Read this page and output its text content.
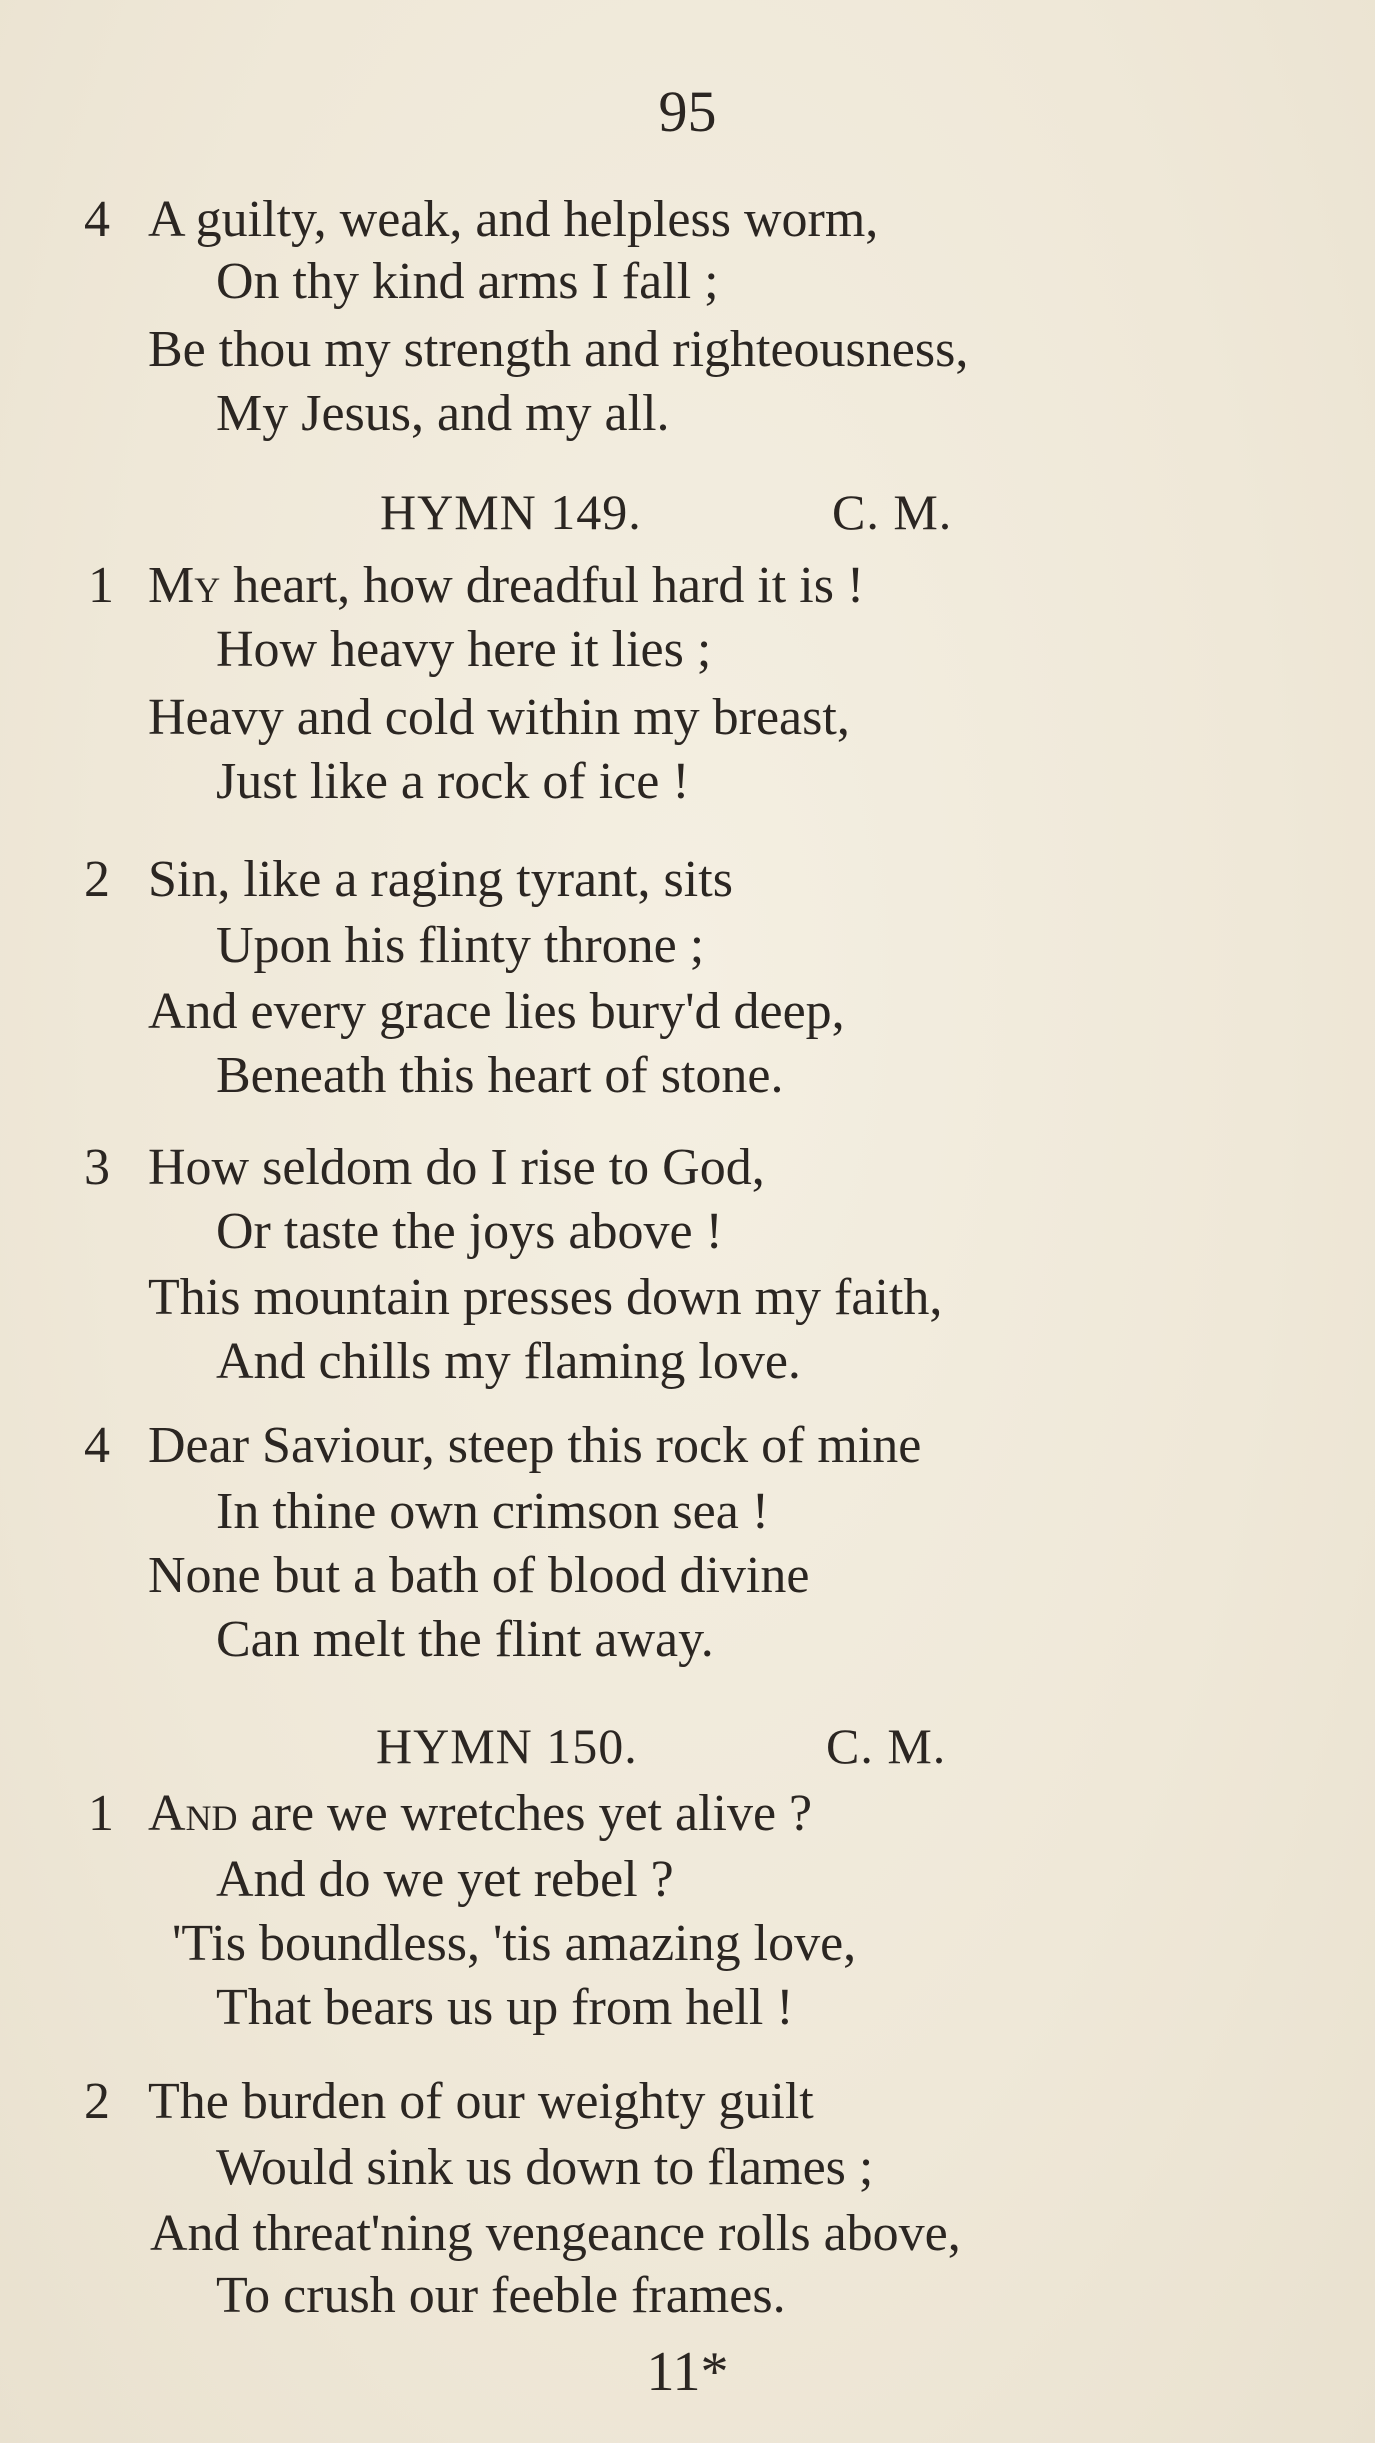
95
4 A guilty, weak, and helpless worm,
On thy kind arms I fall ;
Be thou my strength and righteousness,
My Jesus, and my all.
HYMN 149.	C. M.
1 My heart, how dreadful hard it is !
How heavy here it lies ;
Heavy and cold within my breast,
Just like a rock of ice !
2 Sin, like a raging tyrant, sits
Upon his flinty throne ;
And every grace lies bury'd deep,
Beneath this heart of stone.
3 How seldom do I rise to God,
Or taste the joys above !
This mountain presses down my faith,
And chills my flaming love.
4 Dear Saviour, steep this rock of mine
In thine own crimson sea !
None but a bath of blood divine
Can melt the flint away.
HYMN 150.	C. M.
1 And are we wretches yet alive ?
And do we yet rebel ?
'Tis boundless, 'tis amazing love,
That bears us up from hell !
2 The burden of our weighty guilt
Would sink us down to flames ;
And threat'ning vengeance rolls above,
To crush our feeble frames.
11*
